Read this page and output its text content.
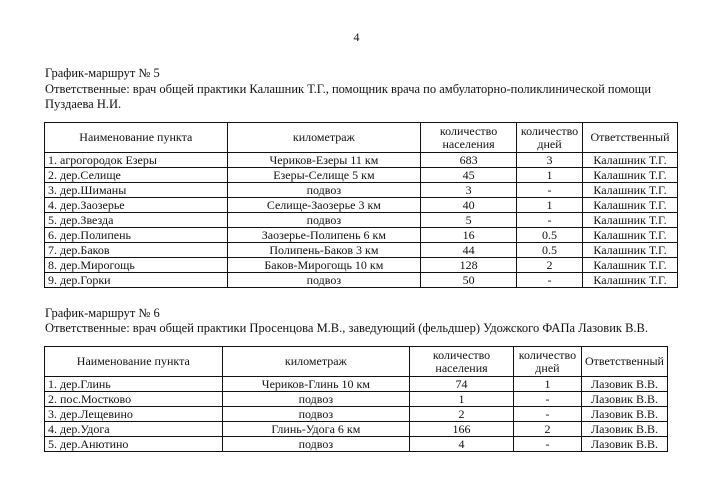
4
График-маршрут № 5
Ответственные: врач общей практики Калашник Т.Г., помощник врача по амбулаторно-поликлинической помощи
Пуздаева Н.И.
Наименование пункта	километраж	количество населения	количество дней	Ответственный
1. агрогородок Езеры	Чериков-Езеры 11 км	683	3	Калашник Т.Г.
2. дер.Селище	Езеры-Селище 5 км	45	1	Калашник Т.Г.
3. дер.Шиманы	подвоз	3	-	Калашник Т.Г.
4. дер.Заозерье	Селище-Заозерье 3 км	40	1	Калашник Т.Г.
5. дер.Звезда	подвоз	5	-	Калашник Т.Г.
6. дер.Полипень	Заозерье-Полипень 6 км	16	0.5	Калашник Т.Г.
7. дер.Баков	Полипень-Баков 3 км	44	0.5	Калашник Т.Г.
8. дер.Мирогощь	Баков-Мирогощь 10 км	128	2	Калашник Т.Г.
9. дер.Горки	подвоз	50	-	Калашник Т.Г.
График-маршрут № 6
Ответственные: врач общей практики Просенцова М.В., заведующий (фельдшер) Удожского ФАПа Лазовик В.В.
Наименование пункта	километраж	количество населения	количество дней	Ответственный
1. дер.Глинь	Чериков-Глинь 10 км	74	1	Лазовик В.В.
2. пос.Мостково	подвоз	1	-	Лазовик В.В.
3. дер.Лещевино	подвоз	2	-	Лазовик В.В.
4. дер.Удога	Глинь-Удога 6 км	166	2	Лазовик В.В.
5. дер.Анютино	подвоз	4	-	Лазовик В.В.
